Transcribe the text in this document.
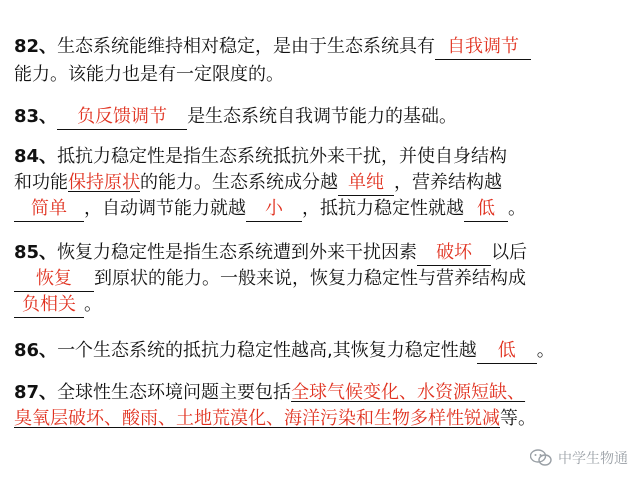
82、生态系统能维持相对稳定，是由于生态系统具有 自我调节
能力。该能力也是有一定限度的。
83、 负反馈调节 是生态系统自我调节能力的基础。
84、抵抗力稳定性是指生态系统抵抗外来干扰，并使自身结构
和功能保持原状的能力。生态系统成分越 单纯 ，营养结构越
简单 ，自动调节能力就越 小 ，抵抗力稳定性就越 低 。
85、恢复力稳定性是指生态系统遭到外来干扰因素 破坏 以后
恢复 到原状的能力。一般来说，恢复力稳定性与营养结构成
负相关 。
86、一个生态系统的抵抗力稳定性越高,其恢复力稳定性越 低 。
87、全球性生态环境问题主要包括全球气候变化、水资源短缺、
臭氧层破坏、酸雨、土地荒漠化、海洋污染和生物多样性锐减等。
中学生物通
